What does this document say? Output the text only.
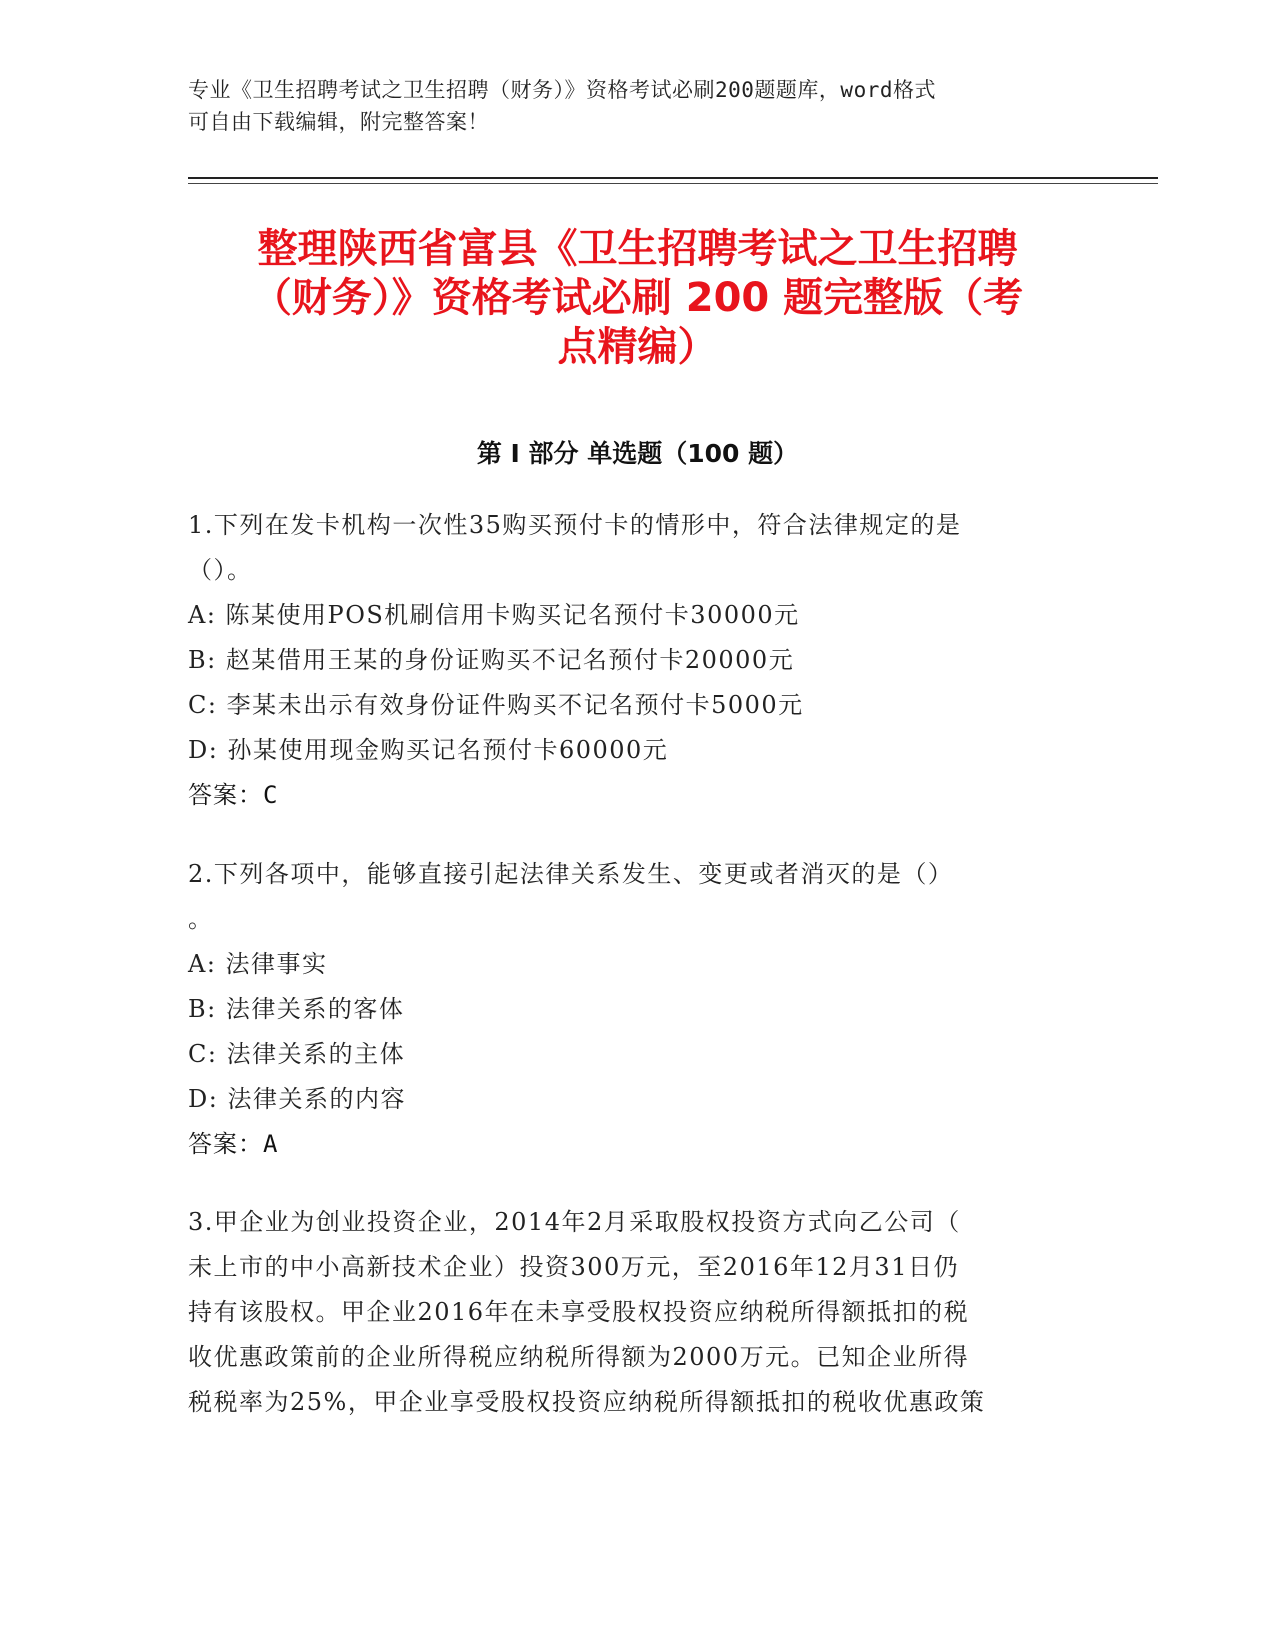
专业《卫生招聘考试之卫生招聘（财务）》资格考试必刷200题题库，word格式
可自由下载编辑，附完整答案！
整理陕西省富县《卫生招聘考试之卫生招聘
（财务）》资格考试必刷 200 题完整版（考
点精编）
第 I 部分 单选题（100 题）
1.下列在发卡机构一次性35购买预付卡的情形中，符合法律规定的是
（）。
A: 陈某使用POS机刷信用卡购买记名预付卡30000元
B: 赵某借用王某的身份证购买不记名预付卡20000元
C: 李某未出示有效身份证件购买不记名预付卡5000元
D: 孙某使用现金购买记名预付卡60000元
答案：C
2.下列各项中，能够直接引起法律关系发生、变更或者消灭的是（）
。
A: 法律事实
B: 法律关系的客体
C: 法律关系的主体
D: 法律关系的内容
答案：A
3.甲企业为创业投资企业，2014年2月采取股权投资方式向乙公司（
未上市的中小高新技术企业）投资300万元，至2016年12月31日仍
持有该股权。甲企业2016年在未享受股权投资应纳税所得额抵扣的税
收优惠政策前的企业所得税应纳税所得额为2000万元。已知企业所得
税税率为25%，甲企业享受股权投资应纳税所得额抵扣的税收优惠政策
